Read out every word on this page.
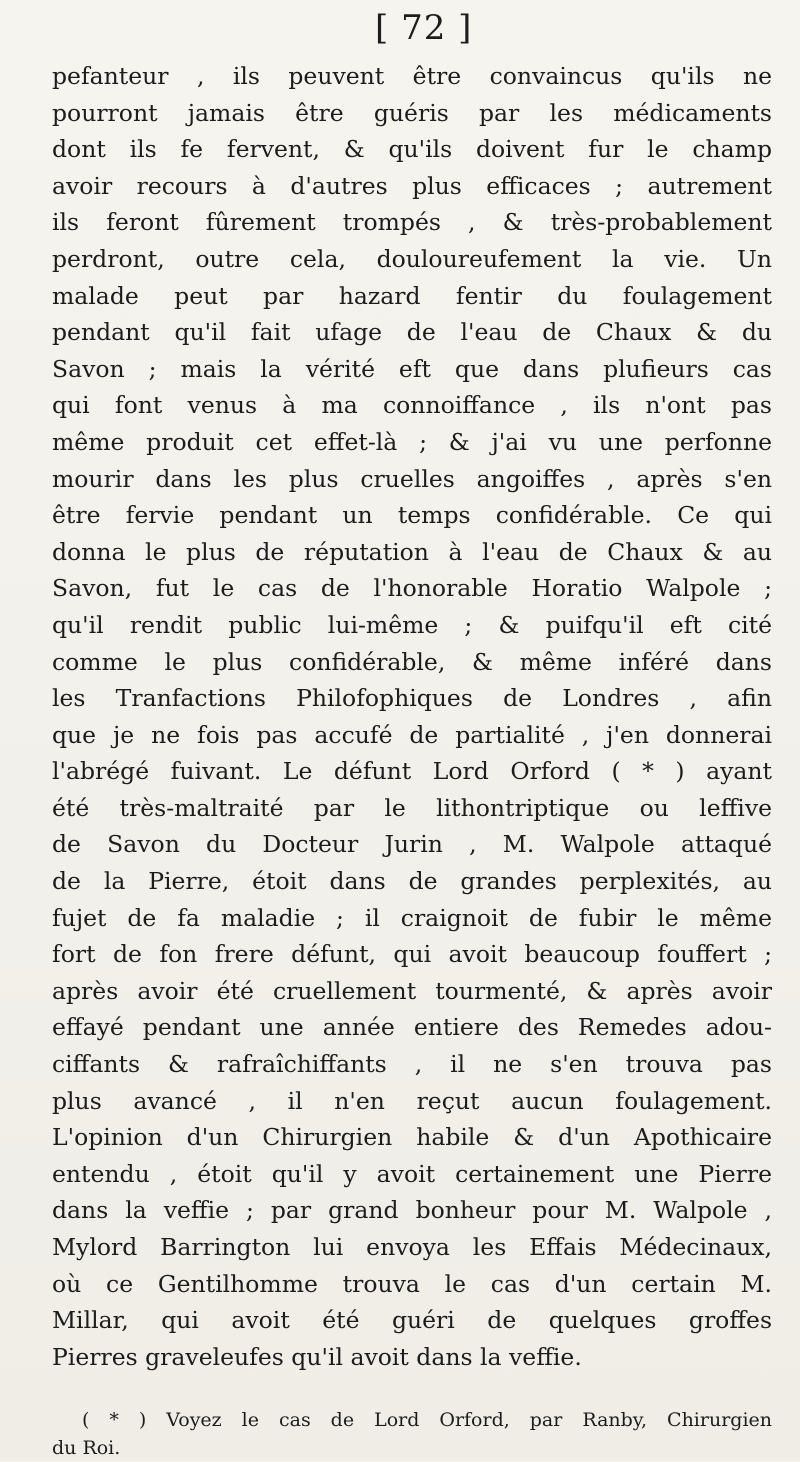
[ 72 ]

pefanteur , ils peuvent être convaincus qu'ils ne
pourront jamais être guéris par les médicaments
dont ils fe fervent, & qu'ils doivent fur le champ
avoir recours à d'autres plus efficaces ; autrement
ils feront fûrement trompés , & très-probablement
perdront, outre cela, douloureufement la vie. Un
malade peut par hazard fentir du foulagement
pendant qu'il fait ufage de l'eau de Chaux & du
Savon ; mais la vérité eft que dans plufieurs cas
qui font venus à ma connoiffance , ils n'ont pas
même produit cet effet-là ; & j'ai vu une perfonne
mourir dans les plus cruelles angoiffes , après s'en
être fervie pendant un temps confidérable. Ce qui
donna le plus de réputation à l'eau de Chaux & au
Savon, fut le cas de l'honorable Horatio Walpole ;
qu'il rendit public lui-même ; & puifqu'il eft cité
comme le plus confidérable, & même inféré dans
les Tranfactions Philofophiques de Londres , afin
que je ne fois pas accufé de partialité , j'en donnerai
l'abrégé fuivant. Le défunt Lord Orford ( * ) ayant
été très-maltraité par le lithontriptique ou leffive
de Savon du Docteur Jurin , M. Walpole attaqué
de la Pierre, étoit dans de grandes perplexités, au
fujet de fa maladie ; il craignoit de fubir le même
fort de fon frere défunt, qui avoit beaucoup fouffert ;
après avoir été cruellement tourmenté, & après avoir
effayé pendant une année entiere des Remedes adou-
ciffants & rafraîchiffants , il ne s'en trouva pas
plus avancé , il n'en reçut aucun foulagement.
L'opinion d'un Chirurgien habile & d'un Apothicaire
entendu , étoit qu'il y avoit certainement une Pierre
dans la veffie ; par grand bonheur pour M. Walpole ,
Mylord Barrington lui envoya les Effais Médecinaux,
où ce Gentilhomme trouva le cas d'un certain M.
Millar, qui avoit été guéri de quelques groffes
Pierres graveleufes qu'il avoit dans la veffie.
( * ) Voyez le cas de Lord Orford, par Ranby, Chirurgien
du Roi.
